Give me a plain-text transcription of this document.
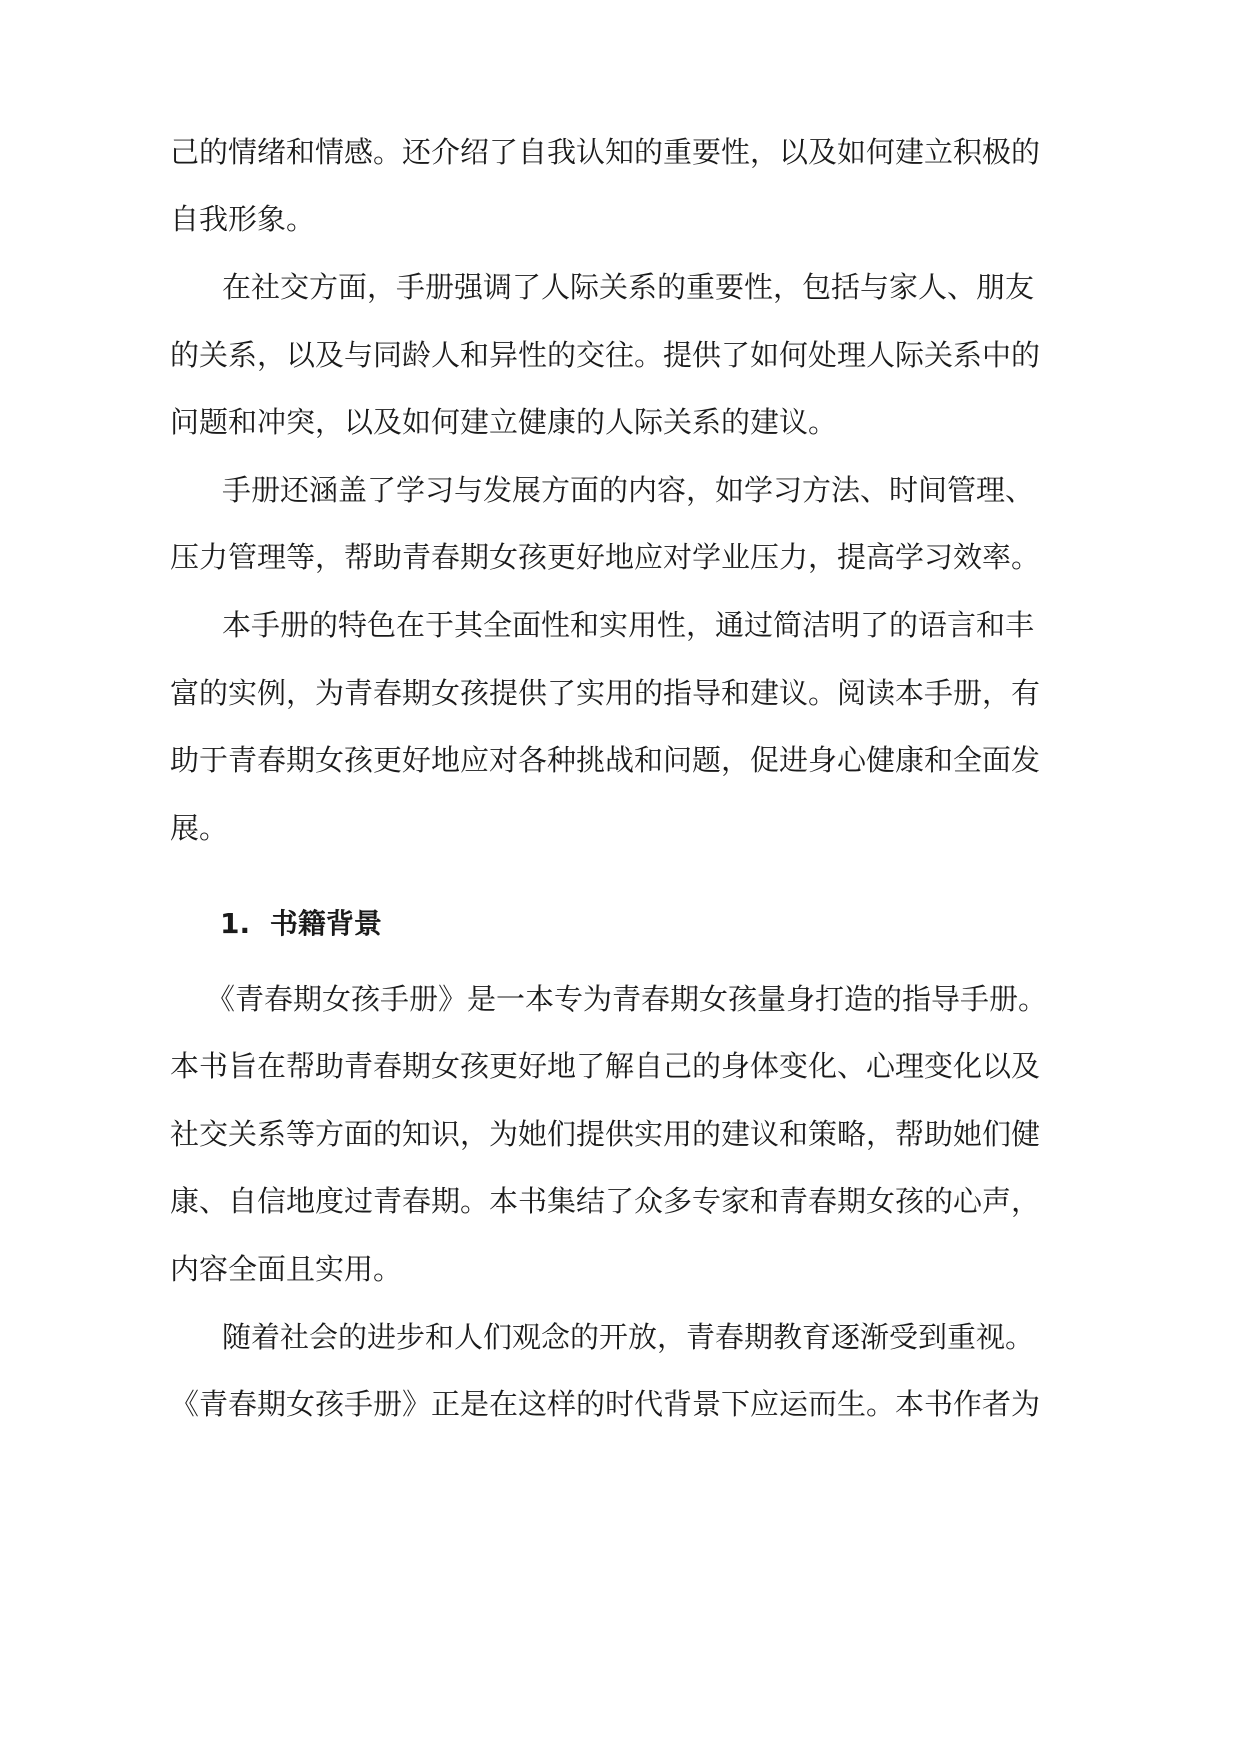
己的情绪和情感。还介绍了自我认知的重要性，以及如何建立积极的
自我形象。
在社交方面，手册强调了人际关系的重要性，包括与家人、朋友
的关系，以及与同龄人和异性的交往。提供了如何处理人际关系中的
问题和冲突，以及如何建立健康的人际关系的建议。
手册还涵盖了学习与发展方面的内容，如学习方法、时间管理、
压力管理等，帮助青春期女孩更好地应对学业压力，提高学习效率。
本手册的特色在于其全面性和实用性，通过简洁明了的语言和丰
富的实例，为青春期女孩提供了实用的指导和建议。阅读本手册，有
助于青春期女孩更好地应对各种挑战和问题，促进身心健康和全面发
展。
1. 书籍背景
《青春期女孩手册》是一本专为青春期女孩量身打造的指导手册。
本书旨在帮助青春期女孩更好地了解自己的身体变化、心理变化以及
社交关系等方面的知识，为她们提供实用的建议和策略，帮助她们健
康、自信地度过青春期。本书集结了众多专家和青春期女孩的心声，
内容全面且实用。
随着社会的进步和人们观念的开放，青春期教育逐渐受到重视。
《青春期女孩手册》正是在这样的时代背景下应运而生。本书作者为
